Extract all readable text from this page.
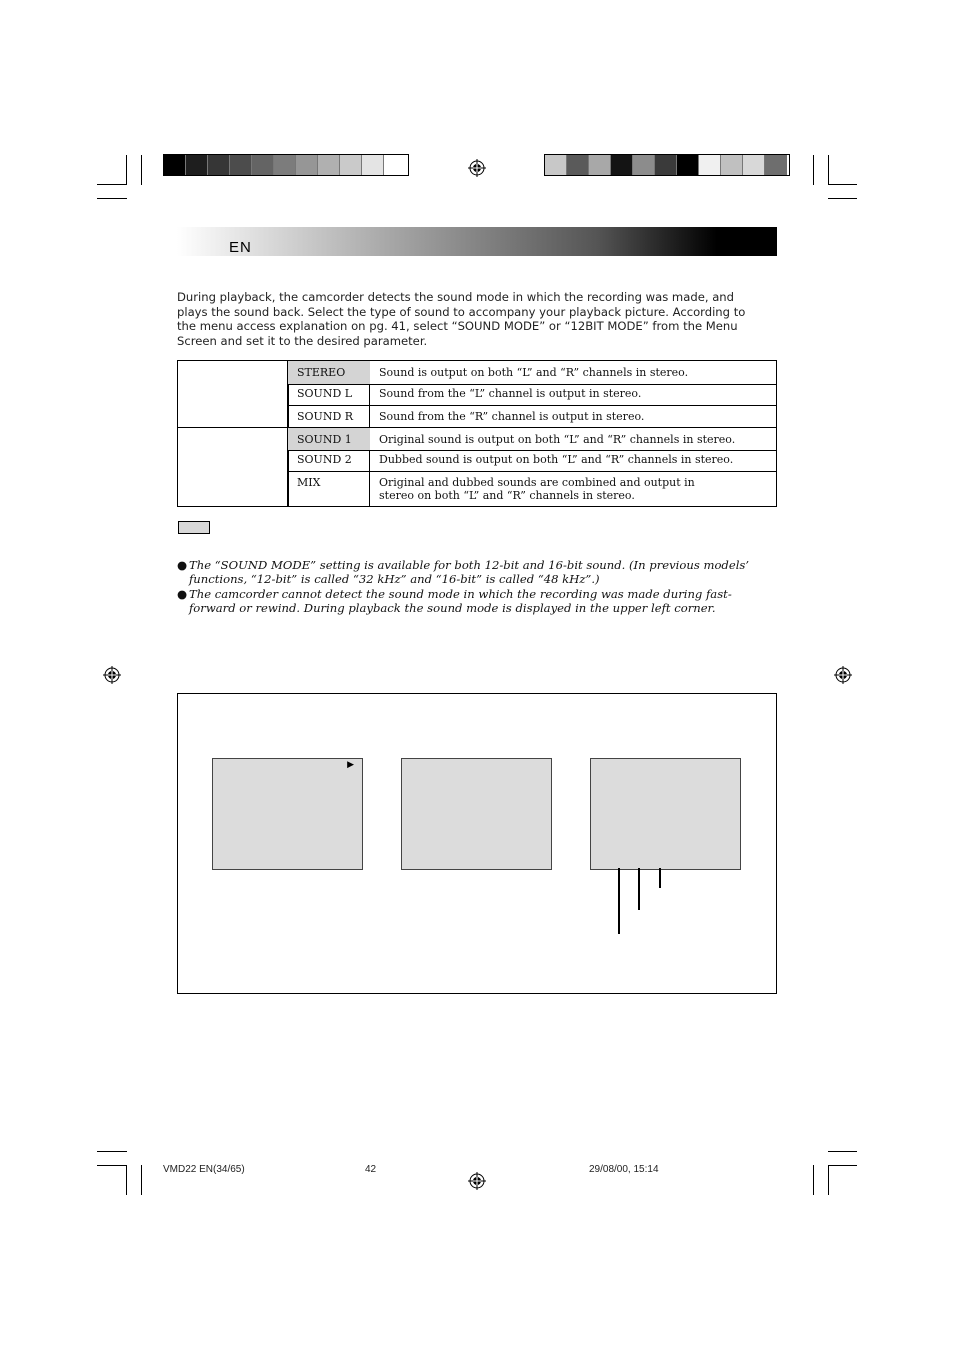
EN
During playback, the camcorder detects the sound mode in which the recording was made, and plays the sound back. Select the type of sound to accompany your playback picture. According to the menu access explanation on pg. 41, select “SOUND MODE” or “12BIT MODE” from the Menu Screen and set it to the desired parameter.
STEREO	Sound is output on both “L” and “R” channels in stereo.
SOUND L	Sound from the “L” channel is output in stereo.
SOUND R	Sound from the “R” channel is output in stereo.
SOUND 1	Original sound is output on both “L” and “R” channels in stereo.
SOUND 2	Dubbed sound is output on both “L” and “R” channels in stereo.
MIX	Original and dubbed sounds are combined and output in stereo on both “L” and “R” channels in stereo.
● The “SOUND MODE” setting is available for both 12-bit and 16-bit sound. (In previous models’ functions, “12-bit” is called “32 kHz” and “16-bit” is called “48 kHz”.)
● The camcorder cannot detect the sound mode in which the recording was made during fast-forward or rewind. During playback the sound mode is displayed in the upper left corner.
▶
VMD22 EN(34/65)	42	29/08/00, 15:14
